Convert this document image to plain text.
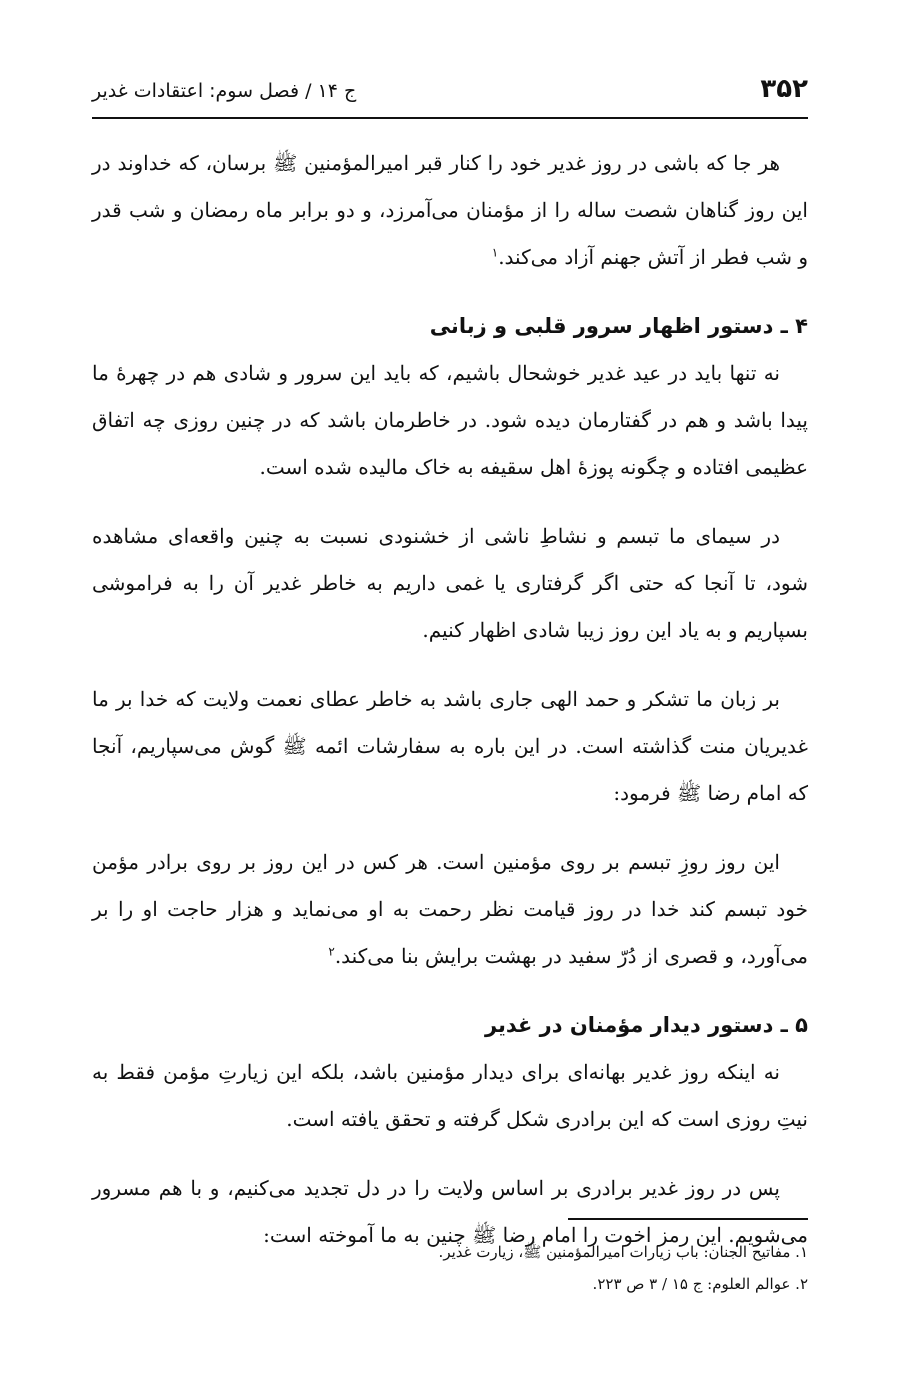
۳۵۲
ج ۱۴ / فصل سوم: اعتقادات غدیر

هر جا که باشی در روز غدیر خود را کنار قبر امیرالمؤمنین ﷺ برسان، که خداوند در این روز گناهان شصت ساله را از مؤمنان می‌آمرزد، و دو برابر ماه رمضان و شب قدر و شب فطر از آتش جهنم آزاد می‌کند.$^۱$

۴ ـ دستور اظهار سرور قلبی و زبانی

نه تنها باید در عید غدیر خوشحال باشیم، که باید این سرور و شادی هم در چهرهٔ ما پیدا باشد و هم در گفتارمان دیده شود. در خاطرمان باشد که در چنین روزی چه اتفاق عظیمی افتاده و چگونه پوزهٔ اهل سقیفه به خاک مالیده شده است.

در سیمای ما تبسم و نشاطِ ناشی از خشنودی نسبت به چنین واقعه‌ای مشاهده شود، تا آنجا که حتی اگر گرفتاری یا غمی داریم به خاطر غدیر آن را به فراموشی بسپاریم و به یاد این روز زیبا شادی اظهار کنیم.

بر زبان ما تشکر و حمد الهی جاری باشد به خاطر عطای نعمت ولایت که خدا بر ما غدیریان منت گذاشته است. در این باره به سفارشات ائمه ﷺ گوش می‌سپاریم، آنجا که امام رضا ﷺ فرمود:

این روز روزِ تبسم بر روی مؤمنین است. هر کس در این روز بر روی برادر مؤمن خود تبسم کند خدا در روز قیامت نظر رحمت به او می‌نماید و هزار حاجت او را بر می‌آورد، و قصری از دُرّ سفید در بهشت برایش بنا می‌کند.$^۲$

۵ ـ دستور دیدار مؤمنان در غدیر

نه اینکه روز غدیر بهانه‌ای برای دیدار مؤمنین باشد، بلکه این زیارتِ مؤمن فقط به نیتِ روزی است که این برادری شکل گرفته و تحقق یافته است.

پس در روز غدیر برادری بر اساس ولایت را در دل تجدید می‌کنیم، و با هم مسرور می‌شویم. این رمز اخوت را امام رضا ﷺ چنین به ما آموخته است:

۱. مفاتیح الجنان: باب زیارات امیرالمؤمنین ﷺ، زیارت غدیر.
۲. عوالم العلوم: ج ۱۵ / ۳ ص ۲۲۳.
